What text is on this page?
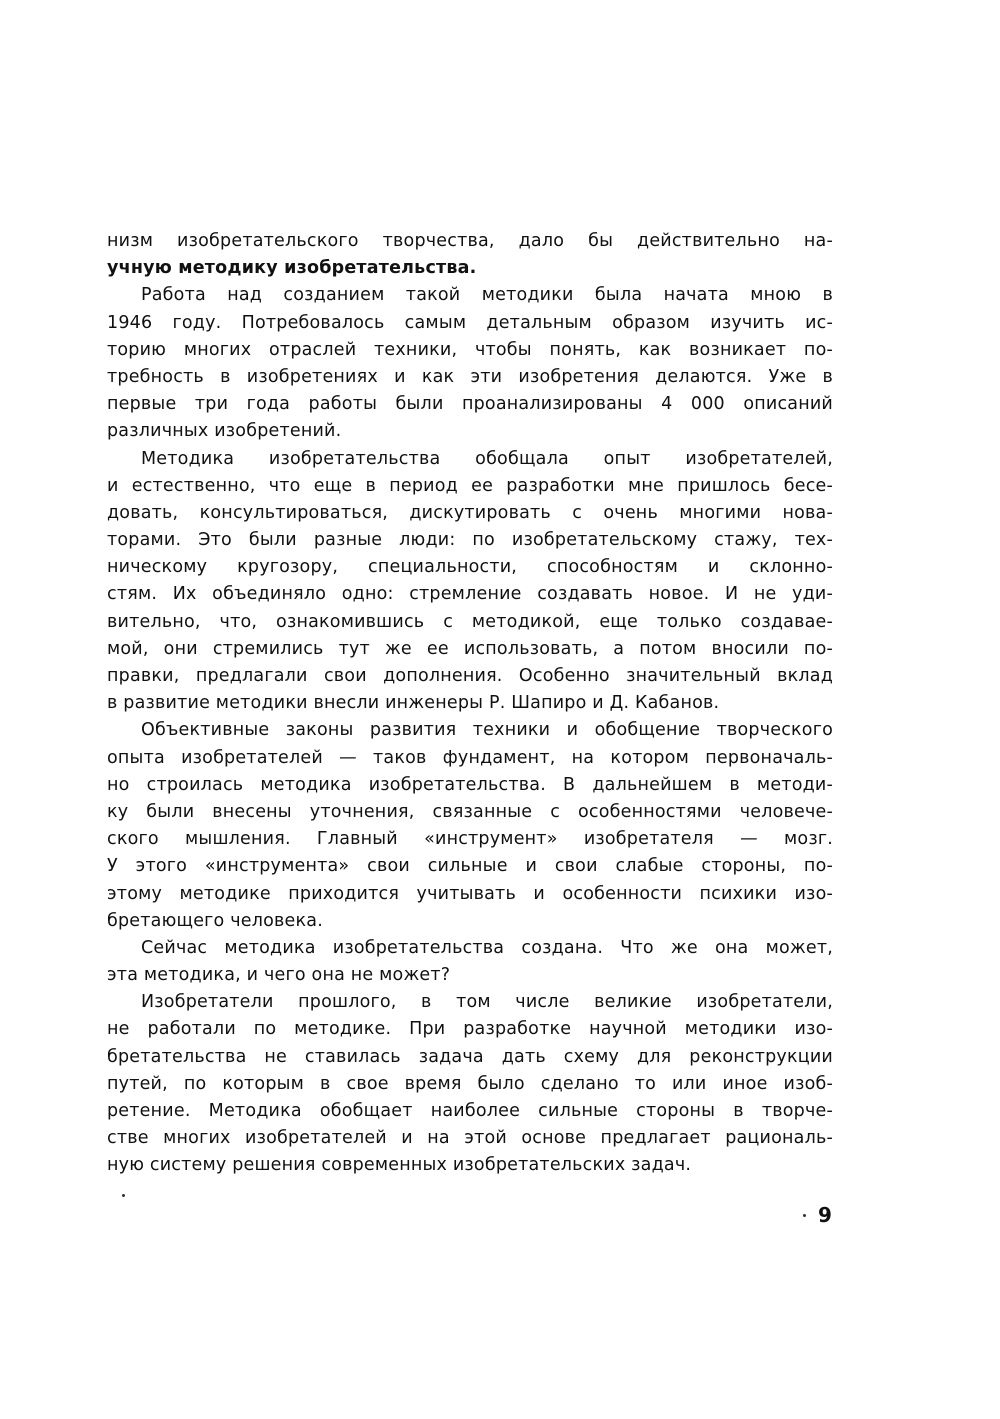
низм изобретательского творчества, дало бы действительно на-
учную методику изобретательства.
Работа над созданием такой методики была начата мною в
1946 году. Потребовалось самым детальным образом изучить ис-
торию многих отраслей техники, чтобы понять, как возникает по-
требность в изобретениях и как эти изобретения делаются. Уже в
первые три года работы были проанализированы 4 000 описаний
различных изобретений.
Методика изобретательства обобщала опыт изобретателей,
и естественно, что еще в период ее разработки мне пришлось бесе-
довать, консультироваться, дискутировать с очень многими нова-
торами. Это были разные люди: по изобретательскому стажу, тех-
ническому кругозору, специальности, способностям и склонно-
стям. Их объединяло одно: стремление создавать новое. И не уди-
вительно, что, ознакомившись с методикой, еще только создавае-
мой, они стремились тут же ее использовать, а потом вносили по-
правки, предлагали свои дополнения. Особенно значительный вклад
в развитие методики внесли инженеры Р. Шапиро и Д. Кабанов.
Объективные законы развития техники и обобщение творческого
опыта изобретателей — таков фундамент, на котором первоначаль-
но строилась методика изобретательства. В дальнейшем в методи-
ку были внесены уточнения, связанные с особенностями человече-
ского мышления. Главный «инструмент» изобретателя — мозг.
У этого «инструмента» свои сильные и свои слабые стороны, по-
этому методике приходится учитывать и особенности психики изо-
бретающего человека.
Сейчас методика изобретательства создана. Что же она может,
эта методика, и чего она не может?
Изобретатели прошлого, в том числе великие изобретатели,
не работали по методике. При разработке научной методики изо-
бретательства не ставилась задача дать схему для реконструкции
путей, по которым в свое время было сделано то или иное изоб-
ретение. Методика обобщает наиболее сильные стороны в творче-
стве многих изобретателей и на этой основе предлагает рациональ-
ную систему решения современных изобретательских задач.
9
